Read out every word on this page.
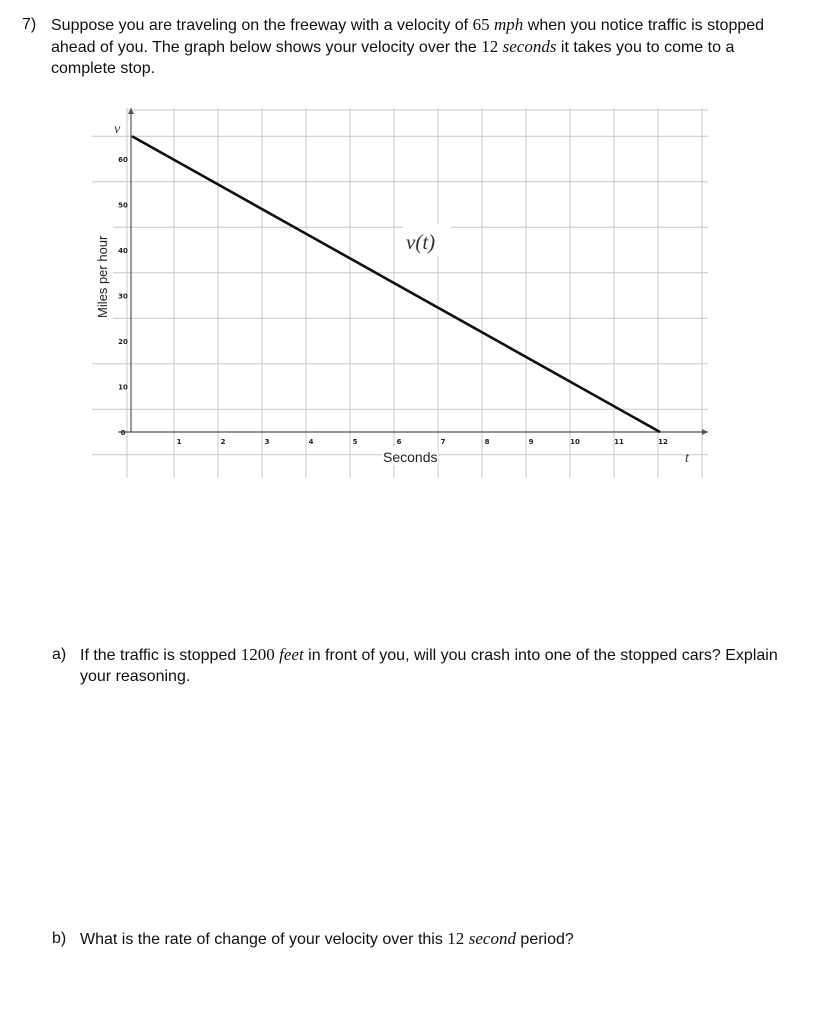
7) Suppose you are traveling on the freeway with a velocity of 65 mph when you notice traffic is stopped ahead of you. The graph below shows your velocity over the 12 seconds it takes you to come to a complete stop.
1	2	3	4	5	6	7	8	9	10	11	12
0
10
20
30
40
50
60
v
t
Seconds
Miles per hour	v(t)
a) If the traffic is stopped 1200 feet in front of you, will you crash into one of the stopped cars? Explain your reasoning.
b) What is the rate of change of your velocity over this 12 second period?
